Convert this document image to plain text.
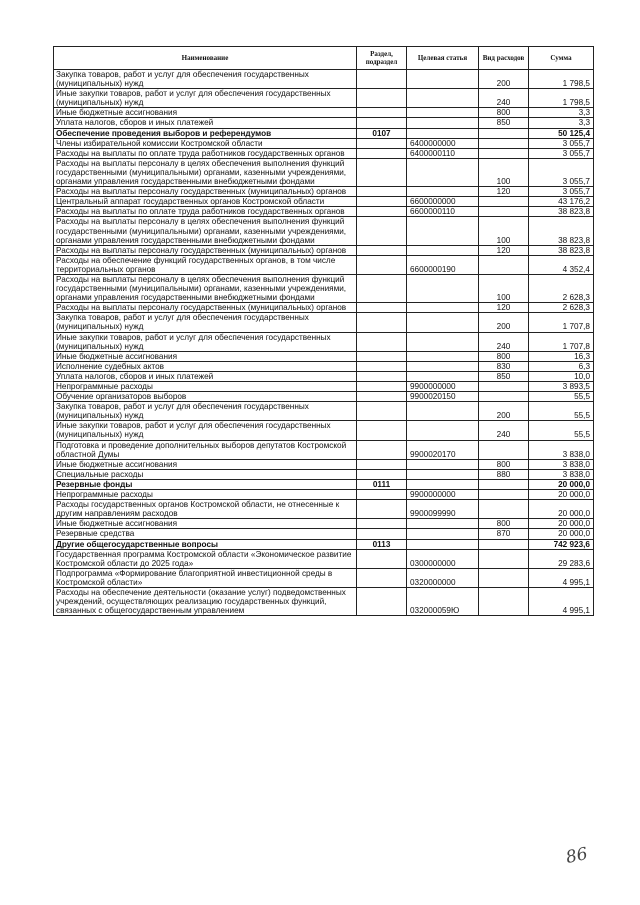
Наименование	Раздел, подраздел	Целевая статья	Вид расходов	Сумма
Закупка товаров, работ и услуг для обеспечения государственных (муниципальных) нужд			200	1 798,5
Иные закупки товаров, работ и услуг для обеспечения государственных (муниципальных) нужд			240	1 798,5
Иные бюджетные ассигнования			800	3,3
Уплата налогов, сборов и иных платежей			850	3,3
Обеспечение проведения выборов и референдумов	0107			50 125,4
Члены избирательной комиссии Костромской области		6400000000		3 055,7
Расходы на выплаты по оплате труда работников государственных органов		6400000110		3 055,7
Расходы на выплаты персоналу в целях обеспечения выполнения функций государственными (муниципальными) органами, казенными учреждениями, органами управления государственными внебюджетными фондами			100	3 055,7
Расходы на выплаты персоналу государственных (муниципальных) органов			120	3 055,7
Центральный аппарат государственных органов Костромской области		6600000000		43 176,2
Расходы на выплаты по оплате труда работников государственных органов		6600000110		38 823,8
Расходы на выплаты персоналу в целях обеспечения выполнения функций государственными (муниципальными) органами, казенными учреждениями, органами управления государственными внебюджетными фондами			100	38 823,8
Расходы на выплаты персоналу государственных (муниципальных) органов			120	38 823,8
Расходы на обеспечение функций государственных органов, в том числе территориальных органов		6600000190		4 352,4
Расходы на выплаты персоналу в целях обеспечения выполнения функций государственными (муниципальными) органами, казенными учреждениями, органами управления государственными внебюджетными фондами			100	2 628,3
Расходы на выплаты персоналу государственных (муниципальных) органов			120	2 628,3
Закупка товаров, работ и услуг для обеспечения государственных (муниципальных) нужд			200	1 707,8
Иные закупки товаров, работ и услуг для обеспечения государственных (муниципальных) нужд			240	1 707,8
Иные бюджетные ассигнования			800	16,3
Исполнение судебных актов			830	6,3
Уплата налогов, сборов и иных платежей			850	10,0
Непрограммные расходы		9900000000		3 893,5
Обучение организаторов выборов		9900020150		55,5
Закупка товаров, работ и услуг для обеспечения государственных (муниципальных) нужд			200	55,5
Иные закупки товаров, работ и услуг для обеспечения государственных (муниципальных) нужд			240	55,5
Подготовка и проведение дополнительных выборов депутатов Костромской областной Думы		9900020170		3 838,0
Иные бюджетные ассигнования			800	3 838,0
Специальные расходы			880	3 838,0
Резервные фонды	0111			20 000,0
Непрограммные расходы		9900000000		20 000,0
Расходы государственных органов Костромской области, не отнесенные к другим направлениям расходов		9900099990		20 000,0
Иные бюджетные ассигнования			800	20 000,0
Резервные средства			870	20 000,0
Другие общегосударственные вопросы	0113			742 923,6
Государственная программа Костромской области «Экономическое развитие Костромской области до 2025 года»		0300000000		29 283,6
Подпрограмма «Формирование благоприятной инвестиционной среды в Костромской области»		0320000000		4 995,1
Расходы на обеспечение деятельности (оказание услуг) подведомственных учреждений, осуществляющих реализацию государственных функций, связанных с общегосударственным управлением		032000059Ю		4 995,1
86
